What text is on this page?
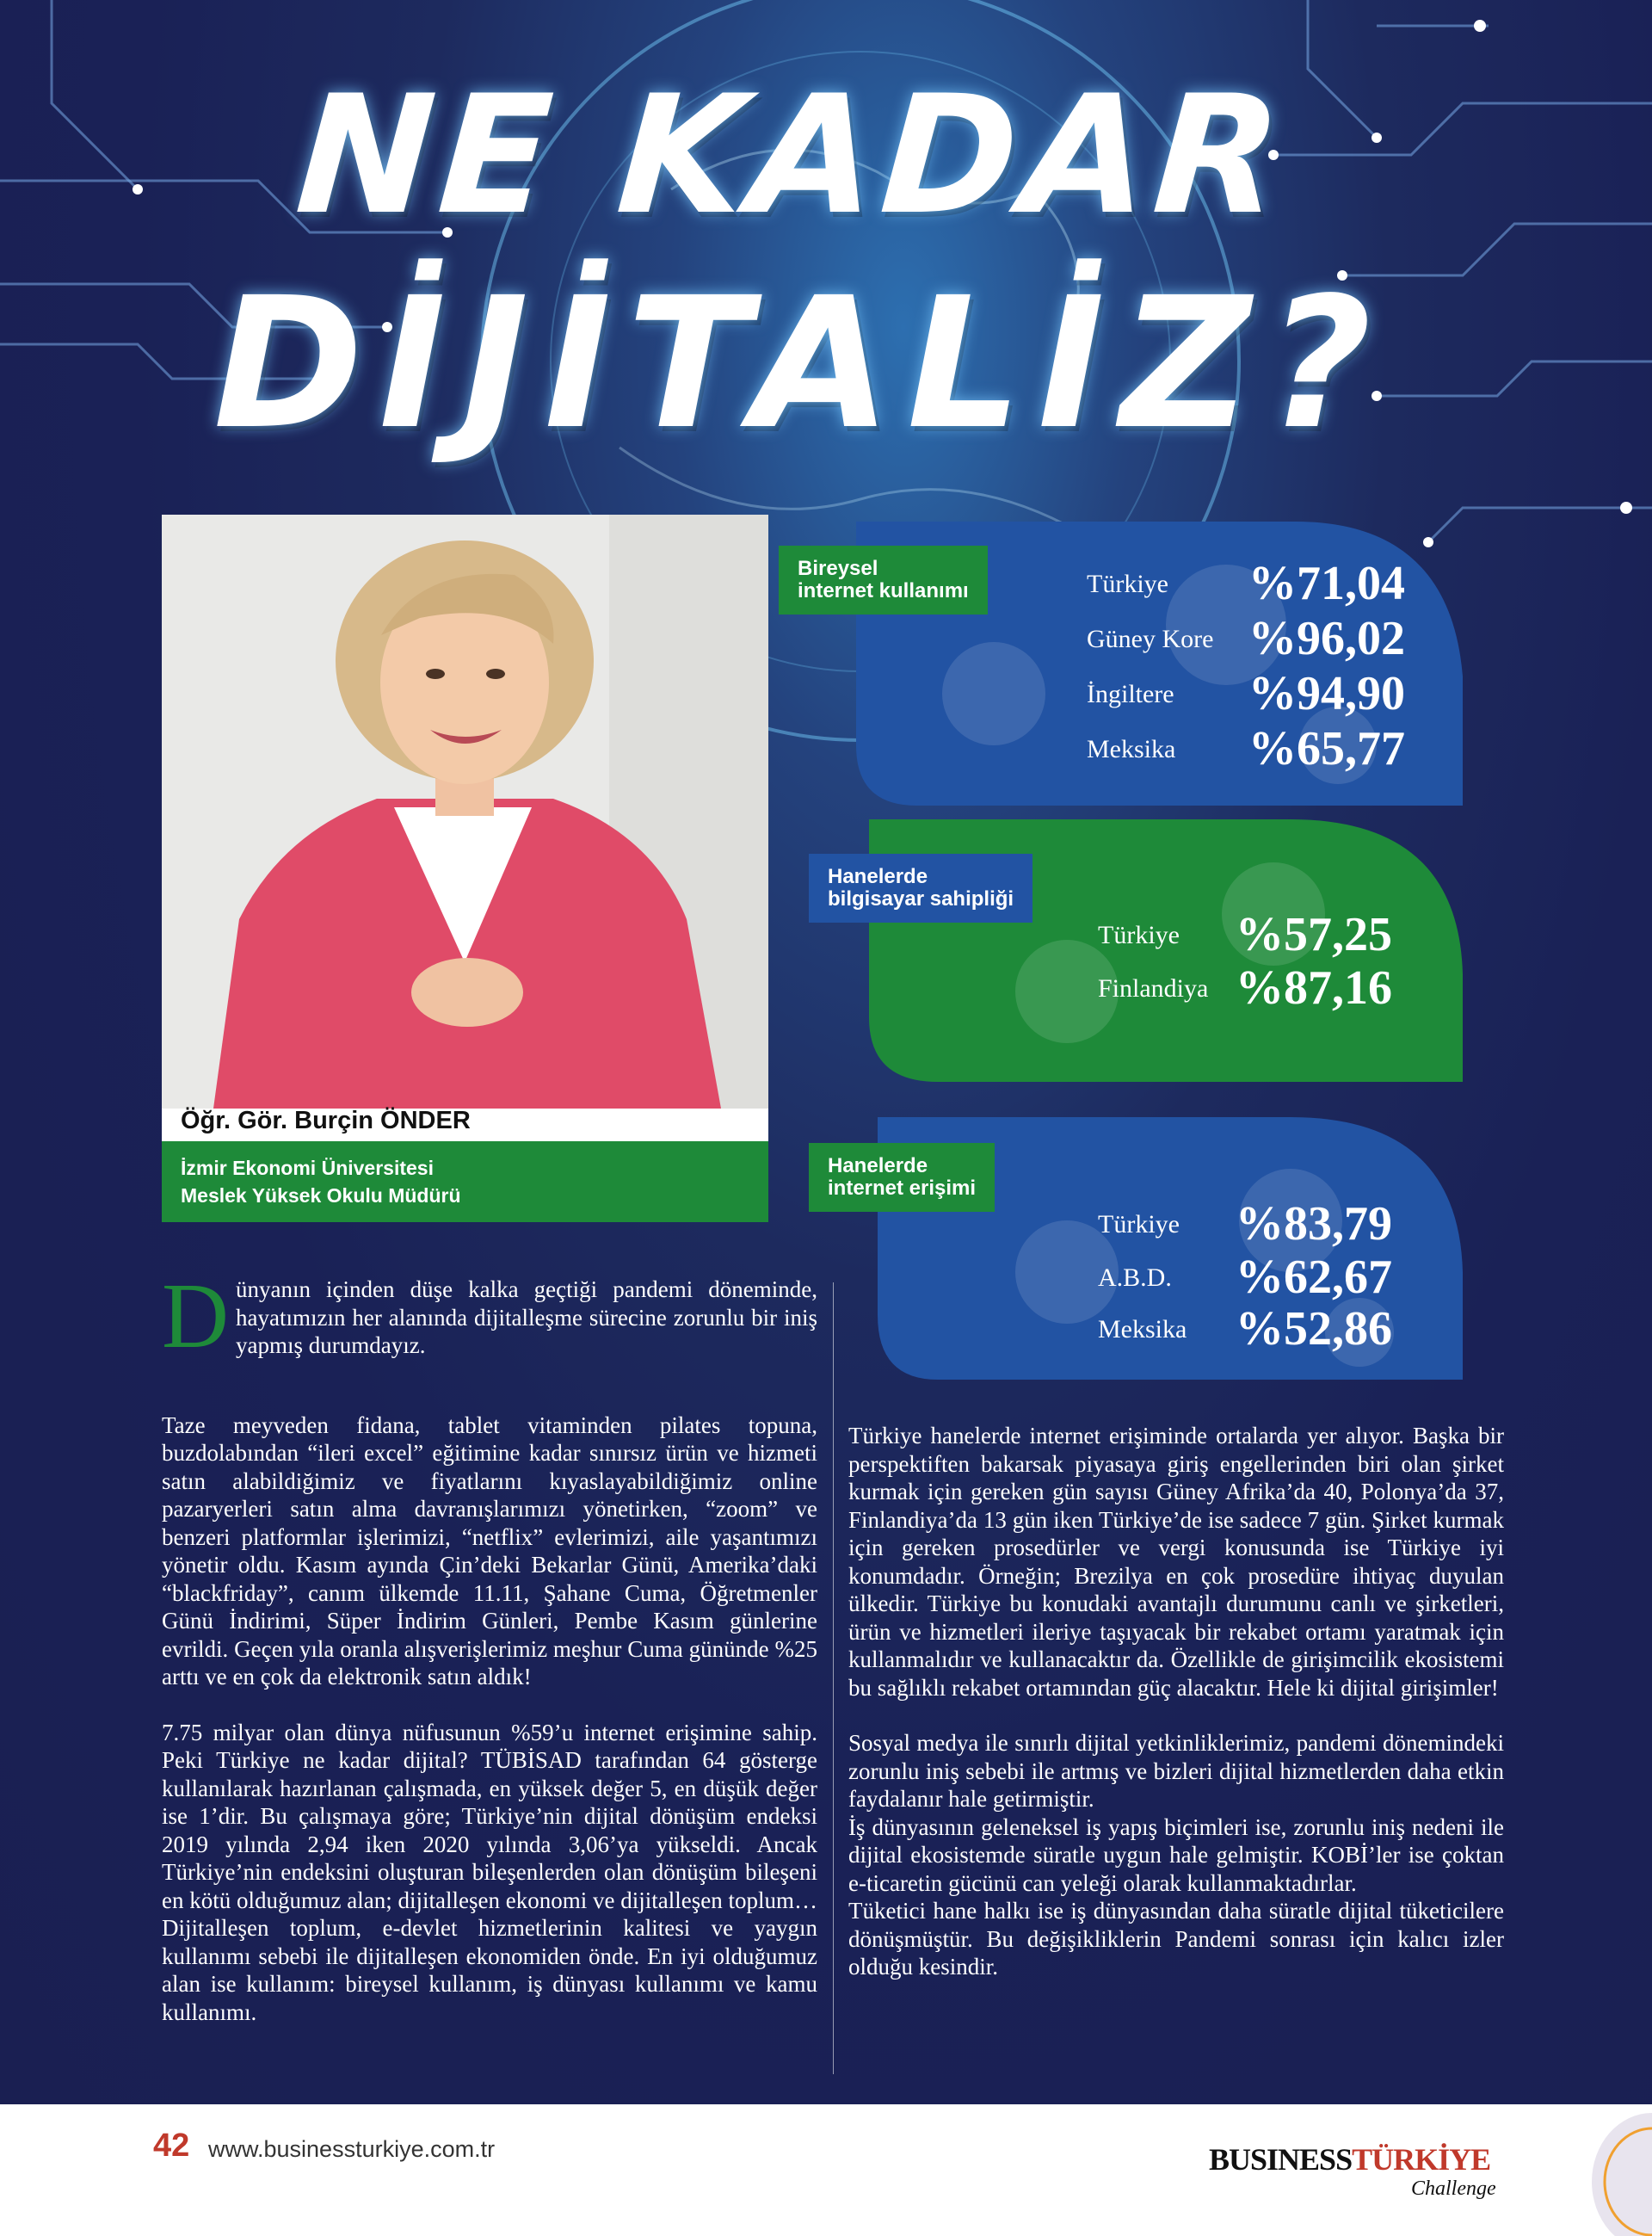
NE KADAR
DİJİTALİZ?
Öğr. Gör. Burçin ÖNDER
İzmir Ekonomi Üniversitesi
Meslek Yüksek Okulu Müdürü
Bireysel
internet kullanımı	Türkiye %71,04
Güney Kore %96,02
İngiltere %94,90
Meksika %65,77
Hanelerde
bilgisayar sahipliği
Türkiye %57,25
Finlandiya %87,16
Hanelerde
internet erişimi
Türkiye %83,79
A.B.D. %62,67
Meksika %52,86

D ünyanın içinden düşe kalka geçtiği pandemi döneminde, hayatımızın her alanında dijitalleşme sürecine zorunlu bir iniş yapmış durumdayız.

Taze meyveden fidana, tablet vitaminden pilates topuna, buzdolabından “ileri excel” eğitimine kadar sınırsız ürün ve hizmeti satın alabildiğimiz ve fiyatlarını kıyaslayabildiğimiz online pazaryerleri satın alma davranışlarımızı yönetirken, “zoom” ve benzeri platformlar işlerimizi, “netflix” evlerimizi, aile yaşantımızı yönetir oldu. Kasım ayında Çin’deki Bekarlar Günü, Amerika’daki “blackfriday”, canım ülkemde 11.11, Şahane Cuma, Öğretmenler Günü İndirimi, Süper İndirim Günleri, Pembe Kasım günlerine evrildi. Geçen yıla oranla alışverişlerimiz meşhur Cuma gününde %25 arttı ve en çok da elektronik satın aldık!

7.75 milyar olan dünya nüfusunun %59’u internet erişimine sahip. Peki Türkiye ne kadar dijital? TÜBİSAD tarafından 64 gösterge kullanılarak hazırlanan çalışmada, en yüksek değer 5, en düşük değer ise 1’dir. Bu çalışmaya göre; Türkiye’nin dijital dönüşüm endeksi 2019 yılında 2,94 iken 2020 yılında 3,06’ya yükseldi. Ancak Türkiye’nin endeksini oluşturan bileşenlerden olan dönüşüm bileşeni en kötü olduğumuz alan; dijitalleşen ekonomi ve dijitalleşen toplum… Dijitalleşen toplum, e-devlet hizmetlerinin kalitesi ve yaygın kullanımı sebebi ile dijitalleşen ekonomiden önde. En iyi olduğumuz alan ise kullanım: bireysel kullanım, iş dünyası kullanımı ve kamu kullanımı.

Türkiye hanelerde internet erişiminde ortalarda yer alıyor. Başka bir perspektiften bakarsak piyasaya giriş engellerinden biri olan şirket kurmak için gereken gün sayısı Güney Afrika’da 40, Polonya’da 37, Finlandiya’da 13 gün iken Türkiye’de ise sadece 7 gün. Şirket kurmak için gereken prosedürler ve vergi konusunda ise Türkiye iyi konumdadır. Örneğin; Brezilya en çok prosedüre ihtiyaç duyulan ülkedir. Türkiye bu konudaki avantajlı durumunu canlı ve şirketleri, ürün ve hizmetleri ileriye taşıyacak bir rekabet ortamı yaratmak için kullanmalıdır ve kullanacaktır da. Özellikle de girişimcilik ekosistemi bu sağlıklı rekabet ortamından güç alacaktır. Hele ki dijital girişimler!

Sosyal medya ile sınırlı dijital yetkinliklerimiz, pandemi dönemindeki zorunlu iniş sebebi ile artmış ve bizleri dijital hizmetlerden daha etkin faydalanır hale getirmiştir.

İş dünyasının geleneksel iş yapış biçimleri ise, zorunlu iniş nedeni ile dijital ekosistemde süratle uygun hale gelmiştir. KOBİ’ler ise çoktan e-ticaretin gücünü can yeleği olarak kullanmaktadırlar.

Tüketici hane halkı ise iş dünyasından daha süratle dijital tüketicilere dönüşmüştür. Bu değişikliklerin Pandemi sonrası için kalıcı izler olduğu kesindir.

42 www.businessturkiye.com.tr	BUSINESSTÜRKİYE
Challenge
